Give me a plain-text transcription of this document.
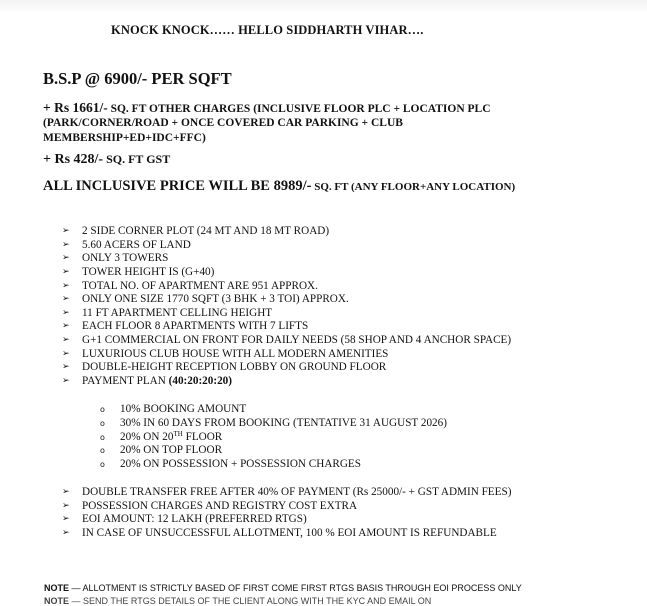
KNOCK KNOCK…… HELLO SIDDHARTH VIHAR….
B.S.P @ 6900/- PER SQFT
+ Rs 1661/- SQ. FT OTHER CHARGES (INCLUSIVE FLOOR PLC + LOCATION PLC
(PARK/CORNER/ROAD + ONCE COVERED CAR PARKING + CLUB
MEMBERSHIP+ED+IDC+FFC)
+ Rs 428/- SQ. FT GST
ALL INCLUSIVE PRICE WILL BE 8989/- SQ. FT (ANY FLOOR+ANY LOCATION)
➢ 2 SIDE CORNER PLOT (24 MT AND 18 MT ROAD)
➢ 5.60 ACERS OF LAND
➢ ONLY 3 TOWERS
➢ TOWER HEIGHT IS (G+40)
➢ TOTAL NO. OF APARTMENT ARE 951 APPROX.
➢ ONLY ONE SIZE 1770 SQFT (3 BHK + 3 TOI) APPROX.
➢ 11 FT APARTMENT CELLING HEIGHT
➢ EACH FLOOR 8 APARTMENTS WITH 7 LIFTS
➢ G+1 COMMERCIAL ON FRONT FOR DAILY NEEDS (58 SHOP AND 4 ANCHOR SPACE)
➢ LUXURIOUS CLUB HOUSE WITH ALL MODERN AMENITIES
➢ DOUBLE-HEIGHT RECEPTION LOBBY ON GROUND FLOOR
➢ PAYMENT PLAN (40:20:20:20)
o 10% BOOKING AMOUNT
o 30% IN 60 DAYS FROM BOOKING (TENTATIVE 31 AUGUST 2026)
o 20% ON 20TH FLOOR
o 20% ON TOP FLOOR
o 20% ON POSSESSION + POSSESSION CHARGES
➢ DOUBLE TRANSFER FREE AFTER 40% OF PAYMENT (Rs 25000/- + GST ADMIN FEES)
➢ POSSESSION CHARGES AND REGISTRY COST EXTRA
➢ EOI AMOUNT: 12 LAKH (PREFERRED RTGS)
➢ IN CASE OF UNSUCCESSFUL ALLOTMENT, 100 % EOI AMOUNT IS REFUNDABLE
NOTE — ALLOTMENT IS STRICTLY BASED OF FIRST COME FIRST RTGS BASIS THROUGH EOI PROCESS ONLY
NOTE — SEND THE RTGS DETAILS OF THE CLIENT ALONG WITH THE KYC AND EMAIL ON
